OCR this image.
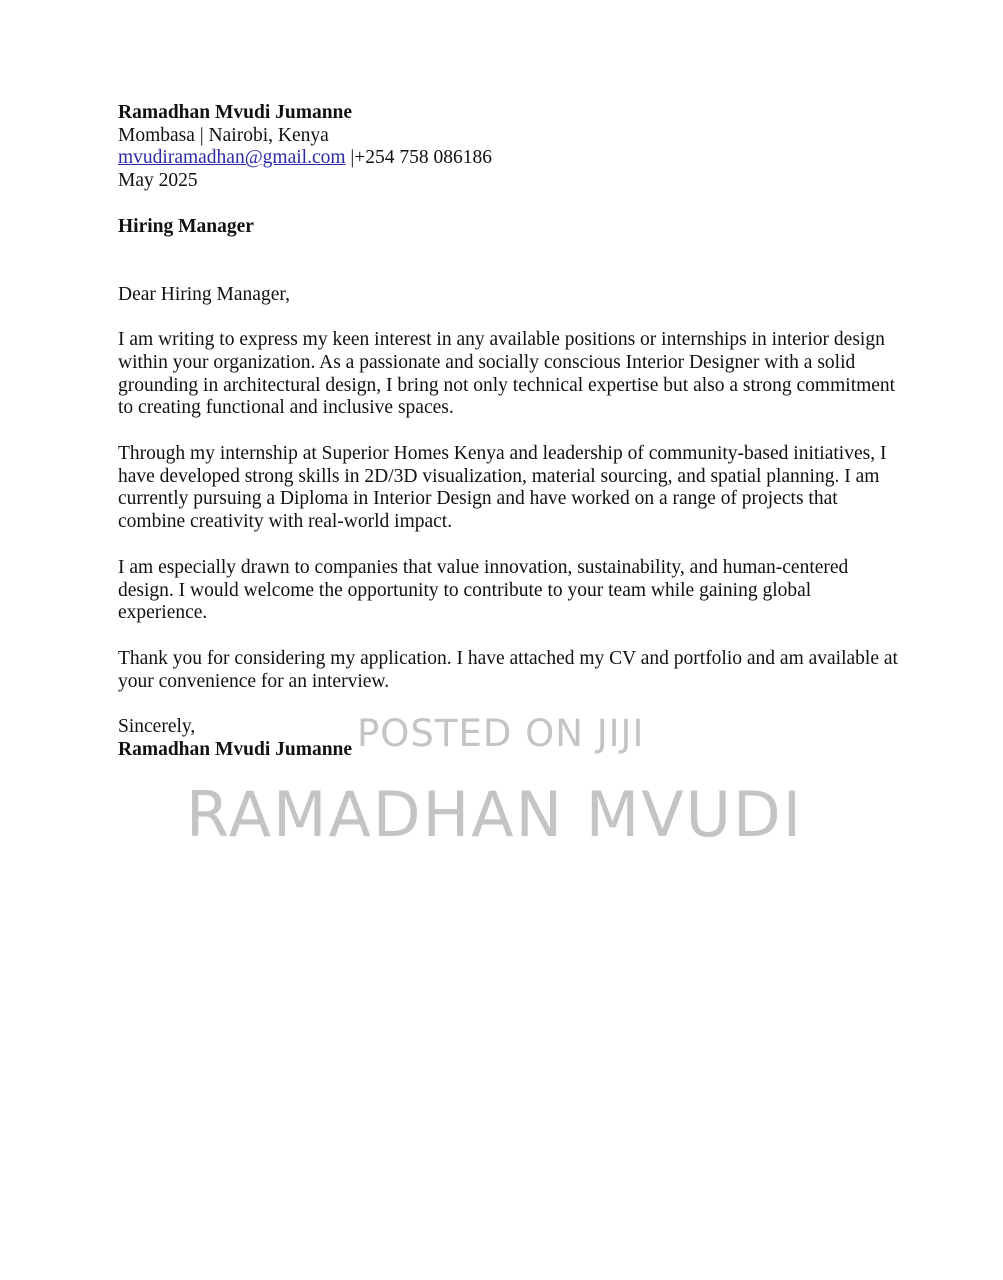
Ramadhan Mvudi Jumanne

Mombasa | Nairobi, Kenya

mvudiramadhan@gmail.com |+254 758 086186

May 2025

Hiring Manager

Dear Hiring Manager,

I am writing to express my keen interest in any available positions or internships in interior design within your organization. As a passionate and socially conscious Interior Designer with a solid grounding in architectural design, I bring not only technical expertise but also a strong commitment to creating functional and inclusive spaces.

Through my internship at Superior Homes Kenya and leadership of community-based initiatives, I have developed strong skills in 2D/3D visualization, material sourcing, and spatial planning. I am currently pursuing a Diploma in Interior Design and have worked on a range of projects that combine creativity with real-world impact.

I am especially drawn to companies that value innovation, sustainability, and human-centered design. I would welcome the opportunity to contribute to your team while gaining global experience.

Thank you for considering my application. I have attached my CV and portfolio and am available at your convenience for an interview.

Sincerely,

Ramadhan Mvudi Jumanne POSTED ON JIJI
RAMADHAN MVUDI
